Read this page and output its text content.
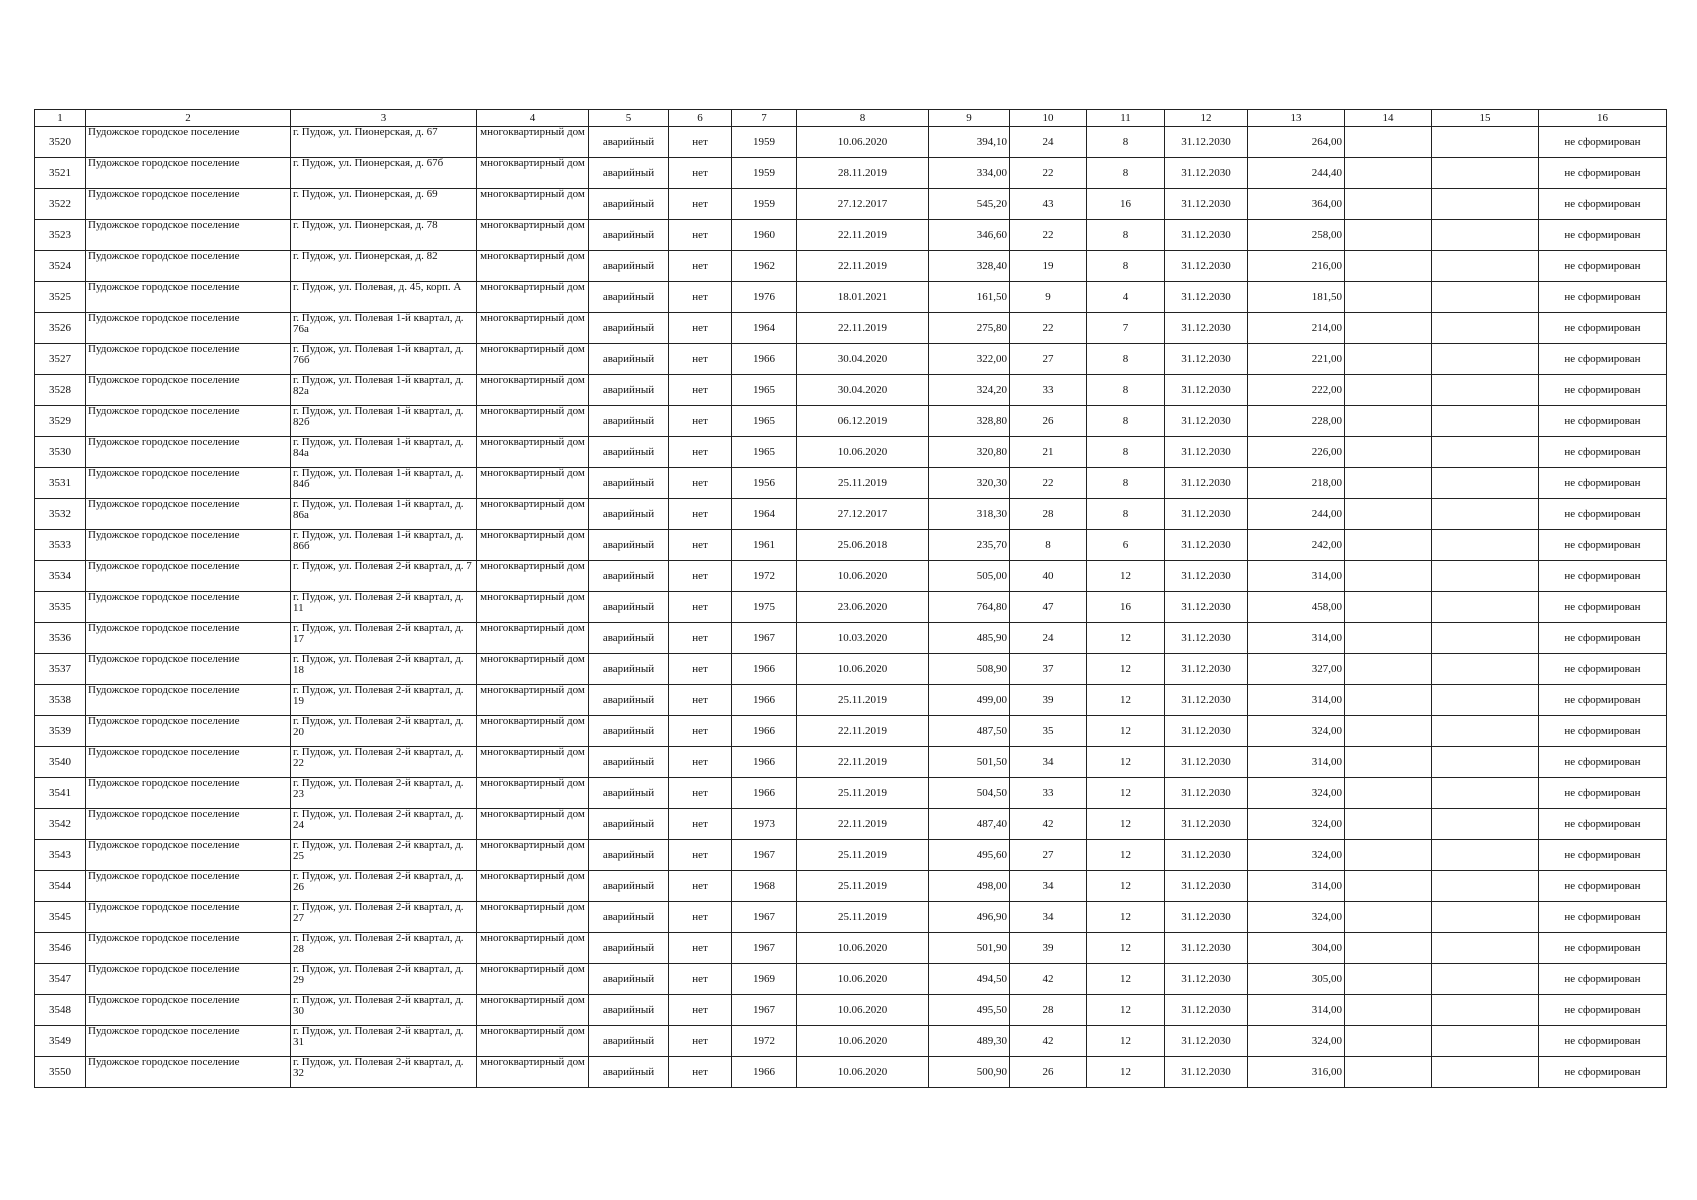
1	2	3	4	5	6	7	8	9	10	11	12	13	14	15	16
3520	Пудожское городское поселение	г. Пудож, ул. Пионерская, д. 67	многоквартирный дом	аварийный	нет	1959	10.06.2020	394,10	24	8	31.12.2030	264,00			не сформирован
3521	Пудожское городское поселение	г. Пудож, ул. Пионерская, д. 67б	многоквартирный дом	аварийный	нет	1959	28.11.2019	334,00	22	8	31.12.2030	244,40			не сформирован
3522	Пудожское городское поселение	г. Пудож, ул. Пионерская, д. 69	многоквартирный дом	аварийный	нет	1959	27.12.2017	545,20	43	16	31.12.2030	364,00			не сформирован
3523	Пудожское городское поселение	г. Пудож, ул. Пионерская, д. 78	многоквартирный дом	аварийный	нет	1960	22.11.2019	346,60	22	8	31.12.2030	258,00			не сформирован
3524	Пудожское городское поселение	г. Пудож, ул. Пионерская, д. 82	многоквартирный дом	аварийный	нет	1962	22.11.2019	328,40	19	8	31.12.2030	216,00			не сформирован
3525	Пудожское городское поселение	г. Пудож, ул. Полевая, д. 45, корп. А	многоквартирный дом	аварийный	нет	1976	18.01.2021	161,50	9	4	31.12.2030	181,50			не сформирован
3526	Пудожское городское поселение	г. Пудож, ул. Полевая 1-й квартал, д. 76а	многоквартирный дом	аварийный	нет	1964	22.11.2019	275,80	22	7	31.12.2030	214,00			не сформирован
3527	Пудожское городское поселение	г. Пудож, ул. Полевая 1-й квартал, д. 76б	многоквартирный дом	аварийный	нет	1966	30.04.2020	322,00	27	8	31.12.2030	221,00			не сформирован
3528	Пудожское городское поселение	г. Пудож, ул. Полевая 1-й квартал, д. 82а	многоквартирный дом	аварийный	нет	1965	30.04.2020	324,20	33	8	31.12.2030	222,00			не сформирован
3529	Пудожское городское поселение	г. Пудож, ул. Полевая 1-й квартал, д. 82б	многоквартирный дом	аварийный	нет	1965	06.12.2019	328,80	26	8	31.12.2030	228,00			не сформирован
3530	Пудожское городское поселение	г. Пудож, ул. Полевая 1-й квартал, д. 84а	многоквартирный дом	аварийный	нет	1965	10.06.2020	320,80	21	8	31.12.2030	226,00			не сформирован
3531	Пудожское городское поселение	г. Пудож, ул. Полевая 1-й квартал, д. 84б	многоквартирный дом	аварийный	нет	1956	25.11.2019	320,30	22	8	31.12.2030	218,00			не сформирован
3532	Пудожское городское поселение	г. Пудож, ул. Полевая 1-й квартал, д. 86а	многоквартирный дом	аварийный	нет	1964	27.12.2017	318,30	28	8	31.12.2030	244,00			не сформирован
3533	Пудожское городское поселение	г. Пудож, ул. Полевая 1-й квартал, д. 86б	многоквартирный дом	аварийный	нет	1961	25.06.2018	235,70	8	6	31.12.2030	242,00			не сформирован
3534	Пудожское городское поселение	г. Пудож, ул. Полевая 2-й квартал, д. 7	многоквартирный дом	аварийный	нет	1972	10.06.2020	505,00	40	12	31.12.2030	314,00			не сформирован
3535	Пудожское городское поселение	г. Пудож, ул. Полевая 2-й квартал, д. 11	многоквартирный дом	аварийный	нет	1975	23.06.2020	764,80	47	16	31.12.2030	458,00			не сформирован
3536	Пудожское городское поселение	г. Пудож, ул. Полевая 2-й квартал, д. 17	многоквартирный дом	аварийный	нет	1967	10.03.2020	485,90	24	12	31.12.2030	314,00			не сформирован
3537	Пудожское городское поселение	г. Пудож, ул. Полевая 2-й квартал, д. 18	многоквартирный дом	аварийный	нет	1966	10.06.2020	508,90	37	12	31.12.2030	327,00			не сформирован
3538	Пудожское городское поселение	г. Пудож, ул. Полевая 2-й квартал, д. 19	многоквартирный дом	аварийный	нет	1966	25.11.2019	499,00	39	12	31.12.2030	314,00			не сформирован
3539	Пудожское городское поселение	г. Пудож, ул. Полевая 2-й квартал, д. 20	многоквартирный дом	аварийный	нет	1966	22.11.2019	487,50	35	12	31.12.2030	324,00			не сформирован
3540	Пудожское городское поселение	г. Пудож, ул. Полевая 2-й квартал, д. 22	многоквартирный дом	аварийный	нет	1966	22.11.2019	501,50	34	12	31.12.2030	314,00			не сформирован
3541	Пудожское городское поселение	г. Пудож, ул. Полевая 2-й квартал, д. 23	многоквартирный дом	аварийный	нет	1966	25.11.2019	504,50	33	12	31.12.2030	324,00			не сформирован
3542	Пудожское городское поселение	г. Пудож, ул. Полевая 2-й квартал, д. 24	многоквартирный дом	аварийный	нет	1973	22.11.2019	487,40	42	12	31.12.2030	324,00			не сформирован
3543	Пудожское городское поселение	г. Пудож, ул. Полевая 2-й квартал, д. 25	многоквартирный дом	аварийный	нет	1967	25.11.2019	495,60	27	12	31.12.2030	324,00			не сформирован
3544	Пудожское городское поселение	г. Пудож, ул. Полевая 2-й квартал, д. 26	многоквартирный дом	аварийный	нет	1968	25.11.2019	498,00	34	12	31.12.2030	314,00			не сформирован
3545	Пудожское городское поселение	г. Пудож, ул. Полевая 2-й квартал, д. 27	многоквартирный дом	аварийный	нет	1967	25.11.2019	496,90	34	12	31.12.2030	324,00			не сформирован
3546	Пудожское городское поселение	г. Пудож, ул. Полевая 2-й квартал, д. 28	многоквартирный дом	аварийный	нет	1967	10.06.2020	501,90	39	12	31.12.2030	304,00			не сформирован
3547	Пудожское городское поселение	г. Пудож, ул. Полевая 2-й квартал, д. 29	многоквартирный дом	аварийный	нет	1969	10.06.2020	494,50	42	12	31.12.2030	305,00			не сформирован
3548	Пудожское городское поселение	г. Пудож, ул. Полевая 2-й квартал, д. 30	многоквартирный дом	аварийный	нет	1967	10.06.2020	495,50	28	12	31.12.2030	314,00			не сформирован
3549	Пудожское городское поселение	г. Пудож, ул. Полевая 2-й квартал, д. 31	многоквартирный дом	аварийный	нет	1972	10.06.2020	489,30	42	12	31.12.2030	324,00			не сформирован
3550	Пудожское городское поселение	г. Пудож, ул. Полевая 2-й квартал, д. 32	многоквартирный дом	аварийный	нет	1966	10.06.2020	500,90	26	12	31.12.2030	316,00			не сформирован
